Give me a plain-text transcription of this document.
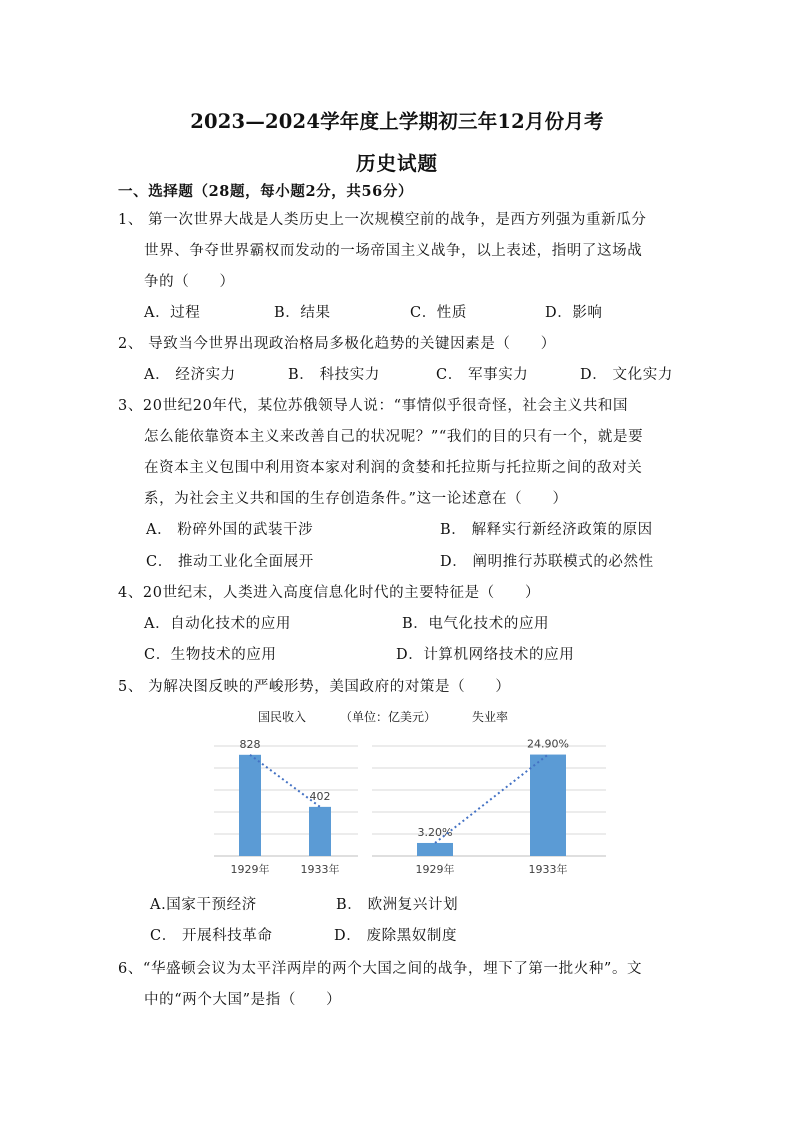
2023—2024学年度上学期初三年12月份月考
历史试题
一、选择题（28题，每小题2分，共56分）
1、 第一次世界大战是人类历史上一次规模空前的战争，是西方列强为重新瓜分
世界、争夺世界霸权而发动的一场帝国主义战争，以上表述，指明了这场战
争的（　　）
A．过程	B．结果	C．性质	D．影响
2、 导致当今世界出现政治格局多极化趋势的关键因素是（　　）
A． 经济实力	B． 科技实力	C． 军事实力	D． 文化实力
3、20世纪20年代，某位苏俄领导人说：“事情似乎很奇怪，社会主义共和国
怎么能依靠资本主义来改善自己的状况呢？”“我们的目的只有一个，就是要
在资本主义包围中利用资本家对利润的贪婪和托拉斯与托拉斯之间的敌对关
系，为社会主义共和国的生存创造条件。”这一论述意在（　　）
A． 粉碎外国的武装干涉	B． 解释实行新经济政策的原因
C． 推动工业化全面展开	D． 阐明推行苏联模式的必然性
4、20世纪末，人类进入高度信息化时代的主要特征是（　　）
A．自动化技术的应用	B．电气化技术的应用
C．生物技术的应用	D．计算机网络技术的应用
5、 为解决图反映的严峻形势，美国政府的对策是（　　）
国民收入	（单位：亿美元）	失业率
828
1929年
402
1933年
3.20%
1929年
24.90%
1933年
A.国家干预经济	B． 欧洲复兴计划
C． 开展科技革命	D． 废除黑奴制度
6、“华盛顿会议为太平洋两岸的两个大国之间的战争，埋下了第一批火种”。文
中的“两个大国”是指（　　）
